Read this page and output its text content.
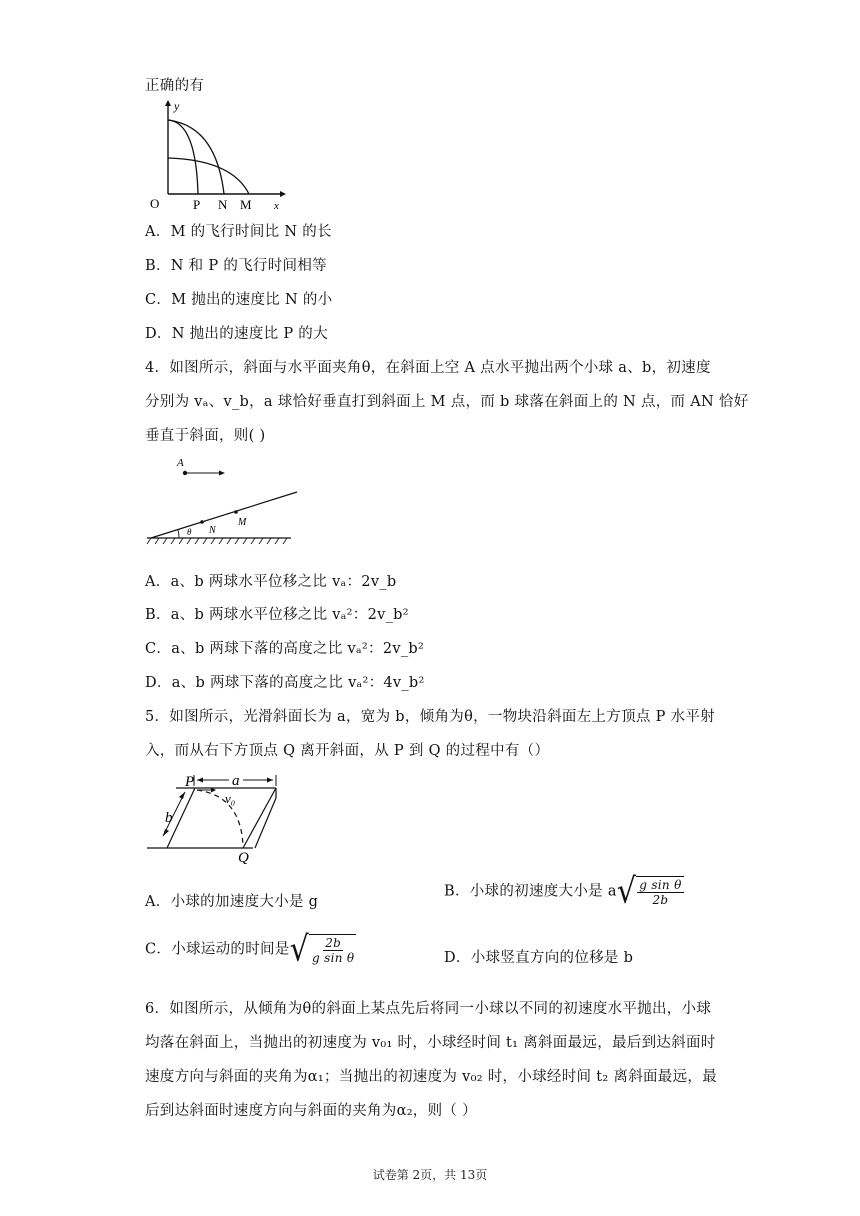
正确的有
y
x
O	P N M
A．M 的飞行时间比 N 的长
B．N 和 P 的飞行时间相等
C．M 抛出的速度比 N 的小
D．N 抛出的速度比 P 的大
4．如图所示，斜面与水平面夹角θ，在斜面上空 A 点水平抛出两个小球 a、b，初速度
分别为 vₐ、v_b，a 球恰好垂直打到斜面上 M 点，而 b 球落在斜面上的 N 点，而 AN 恰好
垂直于斜面，则( )
A
N
M
θ
A．a、b 两球水平位移之比 vₐ：2v_b
B．a、b 两球水平位移之比 vₐ²：2v_b²
C．a、b 两球下落的高度之比 vₐ²：2v_b²
D．a、b 两球下落的高度之比 vₐ²：4v_b²
5．如图所示，光滑斜面长为 a，宽为 b，倾角为θ，一物块沿斜面左上方顶点 P 水平射
入，而从右下方顶点 Q 离开斜面，从 P 到 Q 的过程中有（）
P	a
v₀
b
Q
A．小球的加速度大小是 g
B．小球的初速度大小是 a √ $\frac{\text{g sin θ}}{2b}$
C．小球运动的时间是 √ $\frac{2b}{\text{g sin θ}}$	D．小球竖直方向的位移是 b
6．如图所示，从倾角为θ的斜面上某点先后将同一小球以不同的初速度水平抛出，小球
均落在斜面上，当抛出的初速度为 v₀₁ 时，小球经时间 t₁ 离斜面最远，最后到达斜面时
速度方向与斜面的夹角为α₁；当抛出的初速度为 v₀₂ 时，小球经时间 t₂ 离斜面最远，最
后到达斜面时速度方向与斜面的夹角为α₂，则（ ）
试卷第 2页，共 13页
